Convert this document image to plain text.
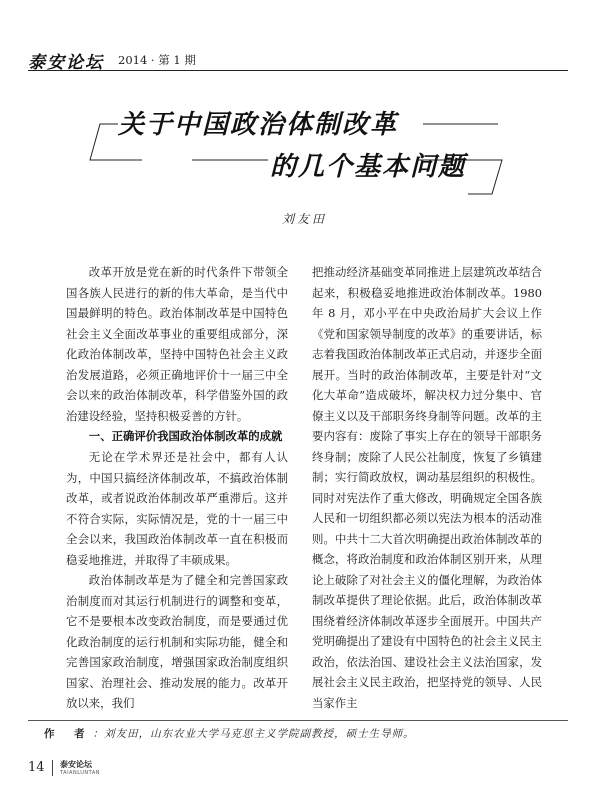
泰安论坛 2014 · 第 1 期
关于中国政治体制改革
的几个基本问题
刘友田

改革开放是党在新的时代条件下带领全国各族人民进行的新的伟大革命，是当代中国最鲜明的特色。政治体制改革是中国特色社会主义全面改革事业的重要组成部分，深化政治体制改革，坚持中国特色社会主义政治发展道路，必须正确地评价十一届三中全会以来的政治体制改革，科学借鉴外国的政治建设经验，坚持积极妥善的方针。

一、正确评价我国政治体制改革的成就

无论在学术界还是社会中，都有人认为，中国只搞经济体制改革，不搞政治体制改革，或者说政治体制改革严重滞后。这并不符合实际，实际情况是，党的十一届三中全会以来，我国政治体制改革一直在积极而稳妥地推进，并取得了丰硕成果。

政治体制改革是为了健全和完善国家政治制度而对其运行机制进行的调整和变革，它不是要根本改变政治制度，而是要通过优化政治制度的运行机制和实际功能，健全和完善国家政治制度，增强国家政治制度组织国家、治理社会、推动发展的能力。改革开放以来，我们

把推动经济基础变革同推进上层建筑改革结合起来，积极稳妥地推进政治体制改革。1980 年 8 月，邓小平在中央政治局扩大会议上作《党和国家领导制度的改革》的重要讲话，标志着我国政治体制改革正式启动，并逐步全面展开。当时的政治体制改革，主要是针对“文化大革命”造成破坏，解决权力过分集中、官僚主义以及干部职务终身制等问题。改革的主要内容有：废除了事实上存在的领导干部职务终身制；废除了人民公社制度，恢复了乡镇建制；实行简政放权，调动基层组织的积极性。同时对宪法作了重大修改，明确规定全国各族人民和一切组织都必须以宪法为根本的活动准则。中共十二大首次明确提出政治体制改革的概念，将政治制度和政治体制区别开来，从理论上破除了对社会主义的僵化理解，为政治体制改革提供了理论依据。此后，政治体制改革围绕着经济体制改革逐步全面展开。中国共产党明确提出了建设有中国特色的社会主义民主政治，依法治国、建设社会主义法治国家，发展社会主义民主政治，把坚持党的领导、人民当家作主

作 者：刘友田，山东农业大学马克思主义学院副教授，硕士生导师。
14 泰安论坛
TAIANLUNTAN
